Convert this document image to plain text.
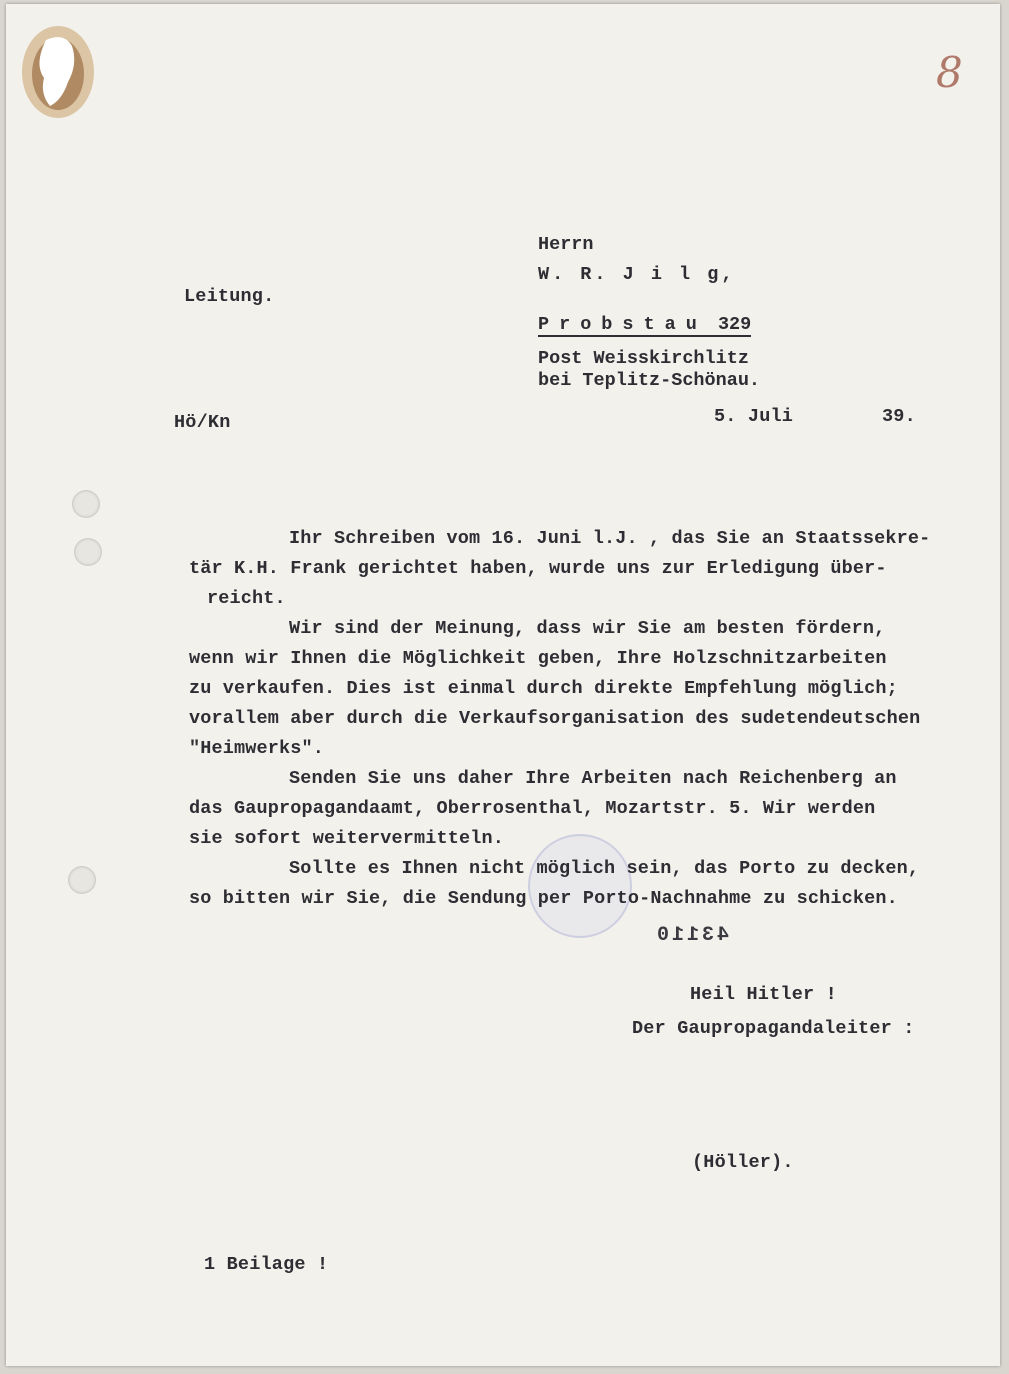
8
Herrn
W. R. J i l g,
Probstau 329
Post Weisskirchlitz
bei Teplitz-Schönau.
Leitung.
Hö/Kn	5. Juli	39.
Ihr Schreiben vom 16. Juni l.J. , das Sie an Staatssekre-
tär K.H. Frank gerichtet haben, wurde uns zur Erledigung über-
reicht.
Wir sind der Meinung, dass wir Sie am besten fördern,
wenn wir Ihnen die Möglichkeit geben, Ihre Holzschnitzarbeiten
zu verkaufen. Dies ist einmal durch direkte Empfehlung möglich;
vorallem aber durch die Verkaufsorganisation des sudetendeutschen
"Heimwerks".
Senden Sie uns daher Ihre Arbeiten nach Reichenberg an
das Gaupropagandaamt, Oberrosenthal, Mozartstr. 5. Wir werden
sie sofort weitervermitteln.
Sollte es Ihnen nicht möglich sein, das Porto zu decken,
so bitten wir Sie, die Sendung per Porto-Nachnahme zu schicken.
43110
Heil Hitler !
Der Gaupropagandaleiter :
(Höller).
1 Beilage !
